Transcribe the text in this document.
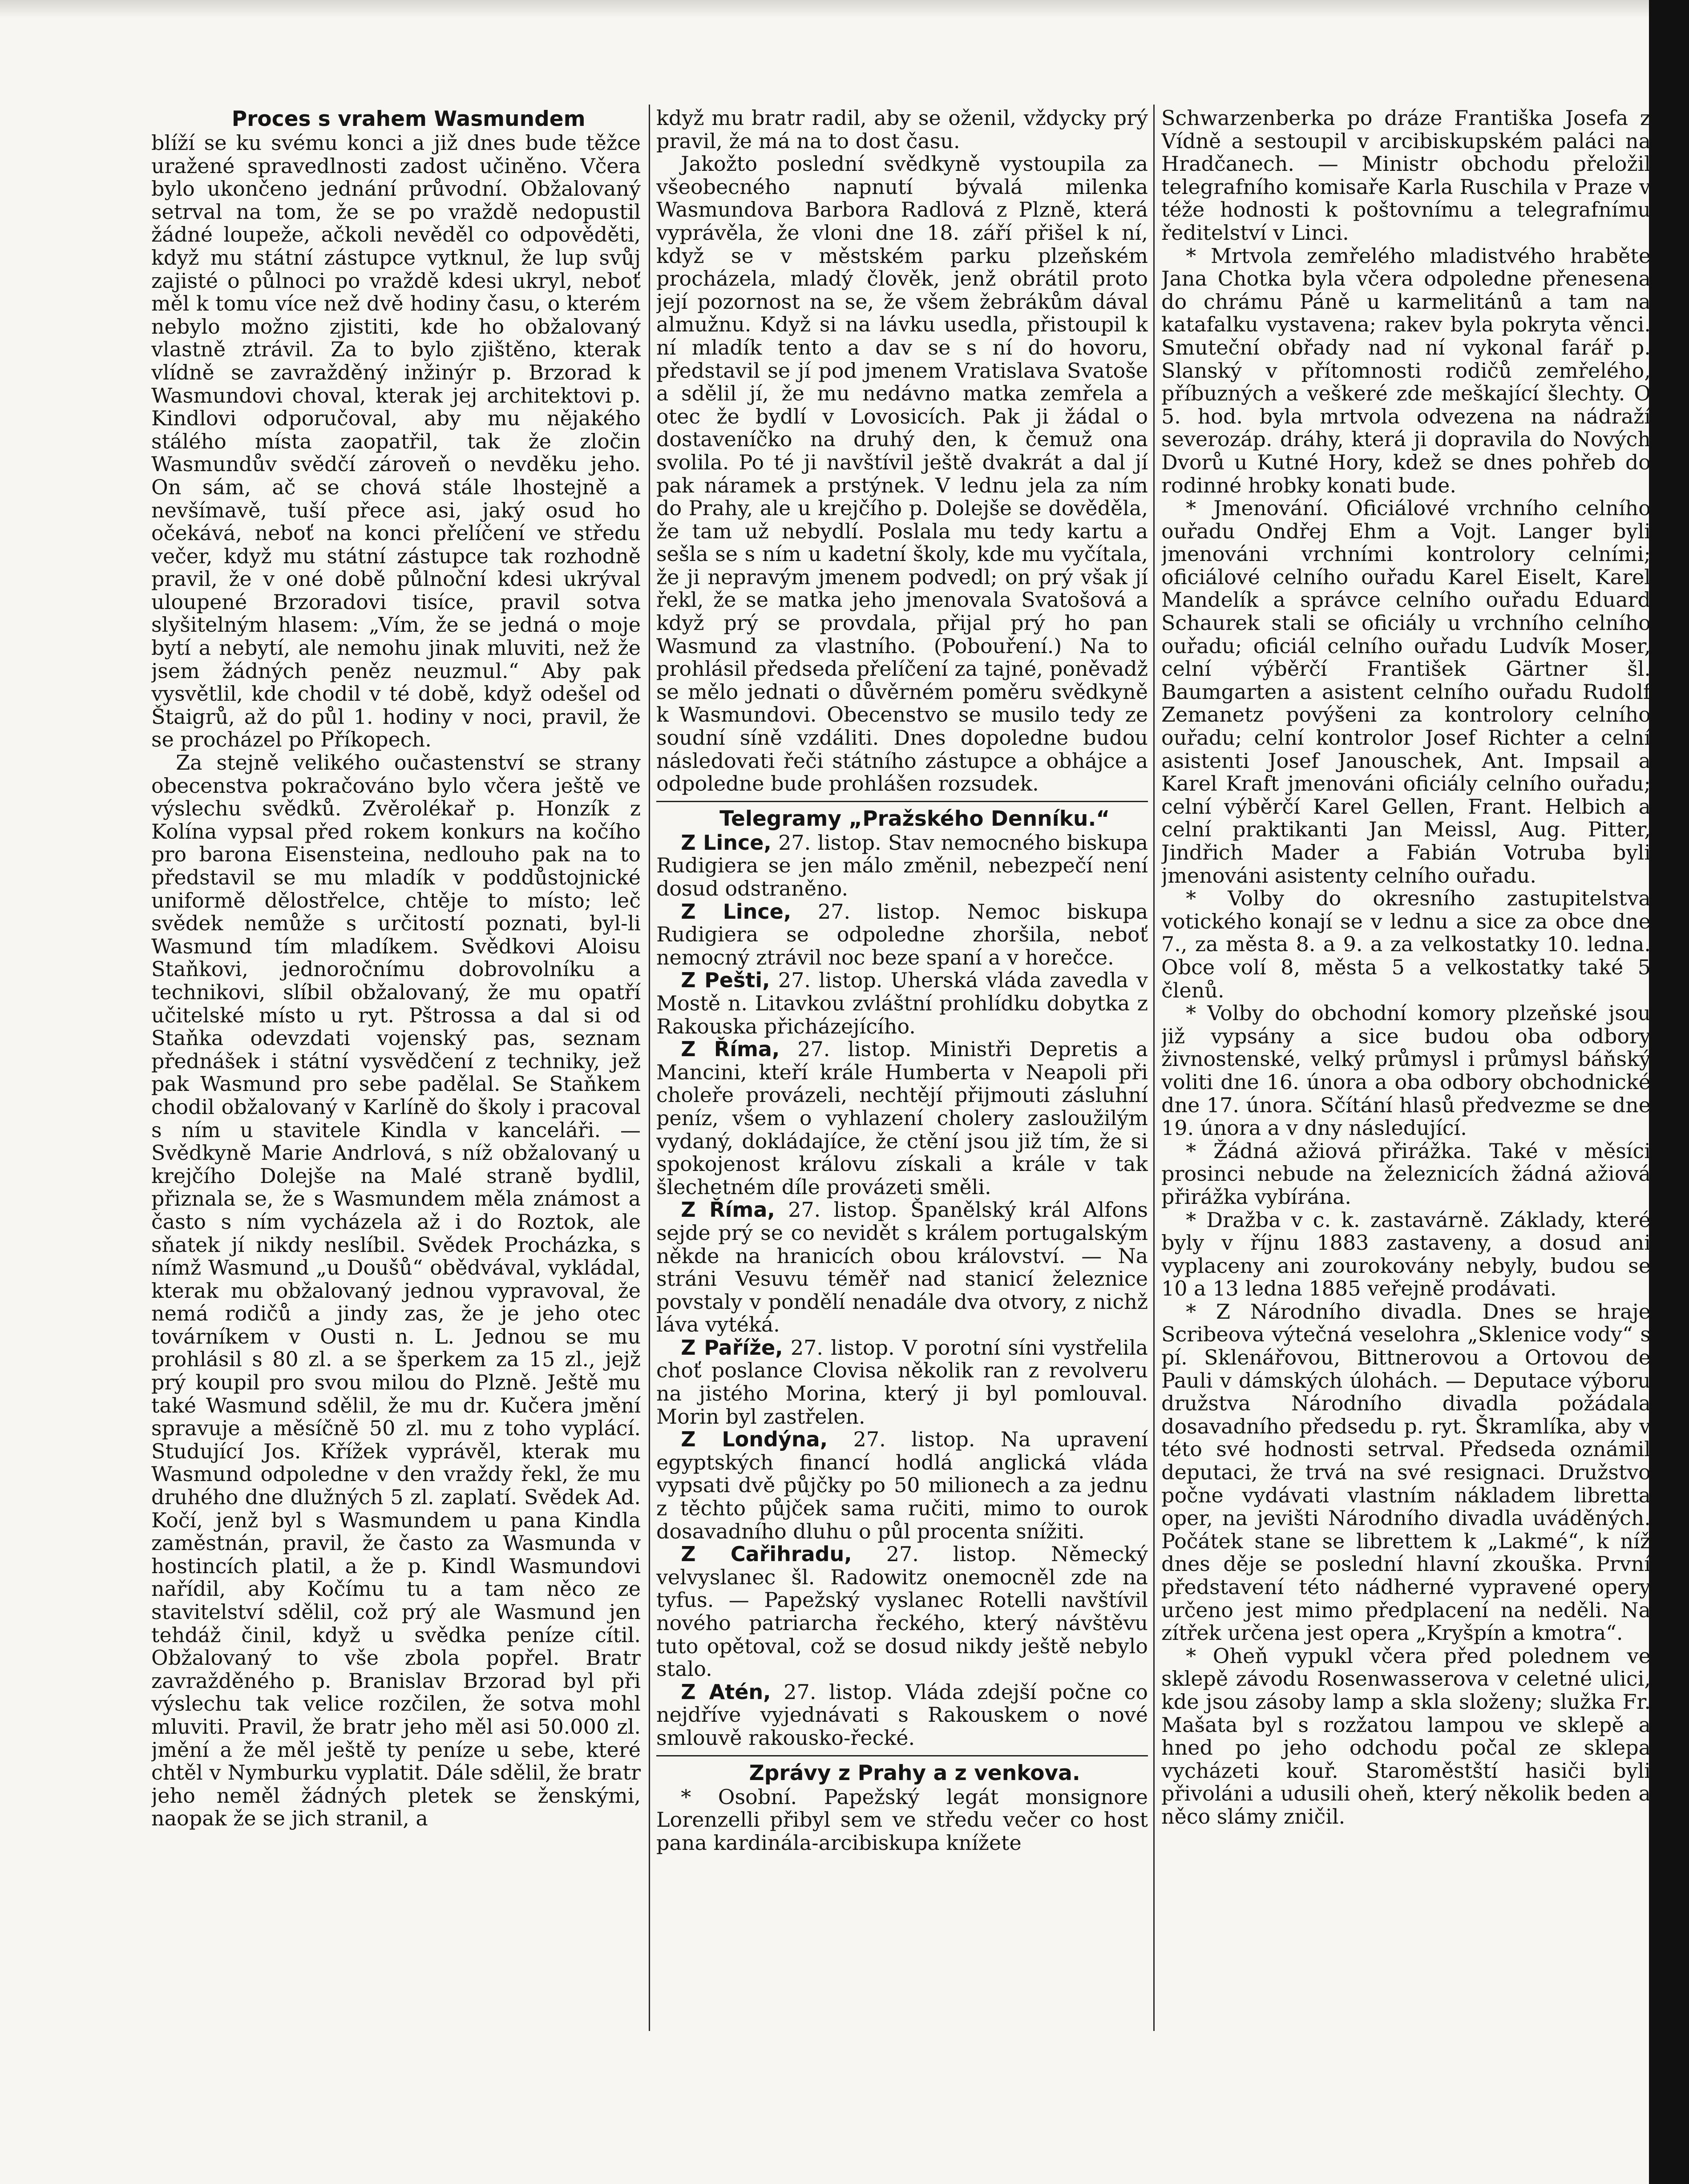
Proces s vrahem Wasmundem

blíží se ku svému konci a již dnes bude těžce uražené spravedlnosti zadost učiněno. Včera bylo ukončeno jednání průvodní. Obžalovaný setrval na tom, že se po vraždě nedopustil žádné loupeže, ačkoli nevěděl co odpověděti, když mu státní zástupce vytknul, že lup svůj zajisté o půlnoci po vraždě kdesi ukryl, neboť měl k tomu více než dvě hodiny času, o kterém nebylo možno zjistiti, kde ho obžalovaný vlastně ztrávil. Za to bylo zjištěno, kterak vlídně se zavražděný inžinýr p. Brzorad k Wasmundovi choval, kterak jej architektovi p. Kindlovi odporučoval, aby mu nějakého stálého místa zaopatřil, tak že zločin Wasmundův svědčí zároveň o nevděku jeho. On sám, ač se chová stále lhostejně a nevšímavě, tuší přece asi, jaký osud ho očekává, neboť na konci přelíčení ve středu večer, když mu státní zástupce tak rozhodně pravil, že v oné době půlnoční kdesi ukrýval uloupené Brzoradovi tisíce, pravil sotva slyšitelným hlasem: „Vím, že se jedná o moje bytí a nebytí, ale nemohu jinak mluviti, než že jsem žádných peněz neuzmul.“ Aby pak vysvětlil, kde chodil v té době, když odešel od Štaigrů, až do půl 1. hodiny v noci, pravil, že se procházel po Příkopech.

Za stejně velikého oučastenství se strany obecenstva pokračováno bylo včera ještě ve výslechu svědků. Zvěrolékař p. Honzík z Kolína vypsal před rokem konkurs na kočího pro barona Eisensteina, nedlouho pak na to představil se mu mladík v poddůstojnické uniformě dělostřelce, chtěje to místo; leč svědek nemůže s určitostí poznati, byl-li Wasmund tím mladíkem. Svědkovi Aloisu Staňkovi, jednoročnímu dobrovolníku a technikovi, slíbil obžalovaný, že mu opatří učitelské místo u ryt. Pštrossa a dal si od Staňka odevzdati vojenský pas, seznam přednášek i státní vysvědčení z techniky, jež pak Wasmund pro sebe padělal. Se Staňkem chodil obžalovaný v Karlíně do školy i pracoval s ním u stavitele Kindla v kanceláři. — Svědkyně Marie Andrlová, s níž obžalovaný u krejčího Dolejše na Malé straně bydlil, přiznala se, že s Wasmundem měla známost a často s ním vycházela až i do Roztok, ale sňatek jí nikdy neslíbil. Svědek Procházka, s nímž Wasmund „u Doušů“ obědvával, vykládal, kterak mu obžalovaný jednou vypravoval, že nemá rodičů a jindy zas, že je jeho otec továrníkem v Ousti n. L. Jednou se mu prohlásil s 80 zl. a se šperkem za 15 zl., jejž prý koupil pro svou milou do Plzně. Ještě mu také Wasmund sdělil, že mu dr. Kučera jmění spravuje a měsíčně 50 zl. mu z toho vyplácí. Studující Jos. Křížek vyprávěl, kterak mu Wasmund odpoledne v den vraždy řekl, že mu druhého dne dlužných 5 zl. zaplatí. Svědek Ad. Kočí, jenž byl s Wasmundem u pana Kindla zaměstnán, pravil, že často za Wasmunda v hostincích platil, a že p. Kindl Wasmundovi nařídil, aby Kočímu tu a tam něco ze stavitelství sdělil, což prý ale Wasmund jen tehdáž činil, když u svědka peníze cítil. Obžalovaný to vše zbola popřel. Bratr zavražděného p. Branislav Brzorad byl při výslechu tak velice rozčilen, že sotva mohl mluviti. Pravil, že bratr jeho měl asi 50.000 zl. jmění a že měl ještě ty peníze u sebe, které chtěl v Nymburku vyplatit. Dále sdělil, že bratr jeho neměl žádných pletek se ženskými, naopak že se jich stranil, a

když mu bratr radil, aby se oženil, vždycky prý pravil, že má na to dost času.

Jakožto poslední svědkyně vystoupila za všeobecného napnutí bývalá milenka Wasmundova Barbora Radlová z Plzně, která vyprávěla, že vloni dne 18. září přišel k ní, když se v městském parku plzeňském procházela, mladý člověk, jenž obrátil proto její pozornost na se, že všem žebrákům dával almužnu. Když si na lávku usedla, přistoupil k ní mladík tento a dav se s ní do hovoru, představil se jí pod jmenem Vratislava Svatoše a sdělil jí, že mu nedávno matka zemřela a otec že bydlí v Lovosicích. Pak ji žádal o dostaveníčko na druhý den, k čemuž ona svolila. Po té ji navštívil ještě dvakrát a dal jí pak náramek a prstýnek. V lednu jela za ním do Prahy, ale u krejčího p. Dolejše se dověděla, že tam už nebydlí. Poslala mu tedy kartu a sešla se s ním u kadetní školy, kde mu vyčítala, že ji nepravým jmenem podvedl; on prý však jí řekl, že se matka jeho jmenovala Svatošová a když prý se provdala, přijal prý ho pan Wasmund za vlastního. (Pobouření.) Na to prohlásil předseda přelíčení za tajné, poněvadž se mělo jednati o důvěrném poměru svědkyně k Wasmundovi. Obecenstvo se musilo tedy ze soudní síně vzdáliti. Dnes dopoledne budou následovati řeči státního zástupce a obhájce a odpoledne bude prohlášen rozsudek.

Telegramy „Pražského Denníku.“

Z Lince, 27. listop. Stav nemocného biskupa Rudigiera se jen málo změnil, nebezpečí není dosud odstraněno.

Z Lince, 27. listop. Nemoc biskupa Rudigiera se odpoledne zhoršila, neboť nemocný ztrávil noc beze spaní a v horečce.

Z Pešti, 27. listop. Uherská vláda zavedla v Mostě n. Litavkou zvláštní prohlídku dobytka z Rakouska přicházejícího.

Z Říma, 27. listop. Ministři Depretis a Mancini, kteří krále Humberta v Neapoli při choleře provázeli, nechtějí přijmouti zásluhní peníz, všem o vyhlazení cholery zasloužilým vydaný, dokládajíce, že ctění jsou již tím, že si spokojenost královu získali a krále v tak šlechetném díle provázeti směli.

Z Říma, 27. listop. Španělský král Alfons sejde prý se co nevidět s králem portugalským někde na hranicích obou království. — Na stráni Vesuvu téměř nad stanicí železnice povstaly v pondělí nenadále dva otvory, z nichž láva vytéká.

Z Paříže, 27. listop. V porotní síni vystřelila choť poslance Clovisa několik ran z revolveru na jistého Morina, který ji byl pomlouval. Morin byl zastřelen.

Z Londýna, 27. listop. Na upravení egyptských financí hodlá anglická vláda vypsati dvě půjčky po 50 milionech a za jednu z těchto půjček sama ručiti, mimo to ourok dosavadního dluhu o půl procenta snížiti.

Z Cařihradu, 27. listop. Německý velvyslanec šl. Radowitz onemocněl zde na tyfus. — Papežský vyslanec Rotelli navštívil nového patriarcha řeckého, který návštěvu tuto opětoval, což se dosud nikdy ještě nebylo stalo.

Z Atén, 27. listop. Vláda zdejší počne co nejdříve vyjednávati s Rakouskem o nové smlouvě rakousko-řecké.

Zprávy z Prahy a z venkova.

* Osobní. Papežský legát monsignore Lorenzelli přibyl sem ve středu večer co host pana kardinála-arcibiskupa knížete

Schwarzenberka po dráze Františka Josefa z Vídně a sestoupil v arcibiskupském paláci na Hradčanech. — Ministr obchodu přeložil telegrafního komisaře Karla Ruschila v Praze v téže hodnosti k poštovnímu a telegrafnímu ředitelství v Linci.

* Mrtvola zemřelého mladistvého hraběte Jana Chotka byla včera odpoledne přenesena do chrámu Páně u karmelitánů a tam na katafalku vystavena; rakev byla pokryta věnci. Smuteční obřady nad ní vykonal farář p. Slanský v přítomnosti rodičů zemřelého, příbuzných a veškeré zde meškající šlechty. O 5. hod. byla mrtvola odvezena na nádraží severozáp. dráhy, která ji dopravila do Nových Dvorů u Kutné Hory, kdež se dnes pohřeb do rodinné hrobky konati bude.

* Jmenování. Oficiálové vrchního celního ouřadu Ondřej Ehm a Vojt. Langer byli jmenováni vrchními kontrolory celními; oficiálové celního ouřadu Karel Eiselt, Karel Mandelík a správce celního ouřadu Eduard Schaurek stali se oficiály u vrchního celního ouřadu; oficiál celního ouřadu Ludvík Moser, celní výběrčí František Gärtner šl. Baumgarten a asistent celního ouřadu Rudolf Zemanetz povýšeni za kontrolory celního ouřadu; celní kontrolor Josef Richter a celní asistenti Josef Janouschek, Ant. Impsail a Karel Kraft jmenováni oficiály celního ouřadu; celní výběrčí Karel Gellen, Frant. Helbich a celní praktikanti Jan Meissl, Aug. Pitter, Jindřich Mader a Fabián Votruba byli jmenováni asistenty celního ouřadu.

* Volby do okresního zastupitelstva votického konají se v lednu a sice za obce dne 7., za města 8. a 9. a za velkostatky 10. ledna. Obce volí 8, města 5 a velkostatky také 5 členů.

* Volby do obchodní komory plzeňské jsou již vypsány a sice budou oba odbory živnostenské, velký průmysl i průmysl báňský voliti dne 16. února a oba odbory obchodnické dne 17. února. Sčítání hlasů předvezme se dne 19. února a v dny následující.

* Žádná ažiová přirážka. Také v měsíci prosinci nebude na železnicích žádná ažiová přirážka vybírána.

* Dražba v c. k. zastavárně. Základy, které byly v říjnu 1883 zastaveny, a dosud ani vyplaceny ani zourokovány nebyly, budou se 10 a 13 ledna 1885 veřejně prodávati.

* Z Národního divadla. Dnes se hraje Scribeova výtečná veselohra „Sklenice vody“ s pí. Sklenářovou, Bittnerovou a Ortovou de Pauli v dámských úlohách. — Deputace výboru družstva Národního divadla požádala dosavadního předsedu p. ryt. Škramlíka, aby v této své hodnosti setrval. Předseda oznámil deputaci, že trvá na své resignaci. Družstvo počne vydávati vlastním nákladem libretta oper, na jevišti Národního divadla uváděných. Počátek stane se librettem k „Lakmé“, k níž dnes děje se poslední hlavní zkouška. První představení této nádherné vypravené opery určeno jest mimo předplacení na neděli. Na zítřek určena jest opera „Kryšpín a kmotra“.

* Oheň vypukl včera před polednem ve sklepě závodu Rosenwasserova v celetné ulici, kde jsou zásoby lamp a skla složeny; služka Fr. Mašata byl s rozžatou lampou ve sklepě a hned po jeho odchodu počal ze sklepa vycházeti kouř. Staroměstští hasiči byli přivoláni a udusili oheň, který několik beden a něco slámy zničil.
